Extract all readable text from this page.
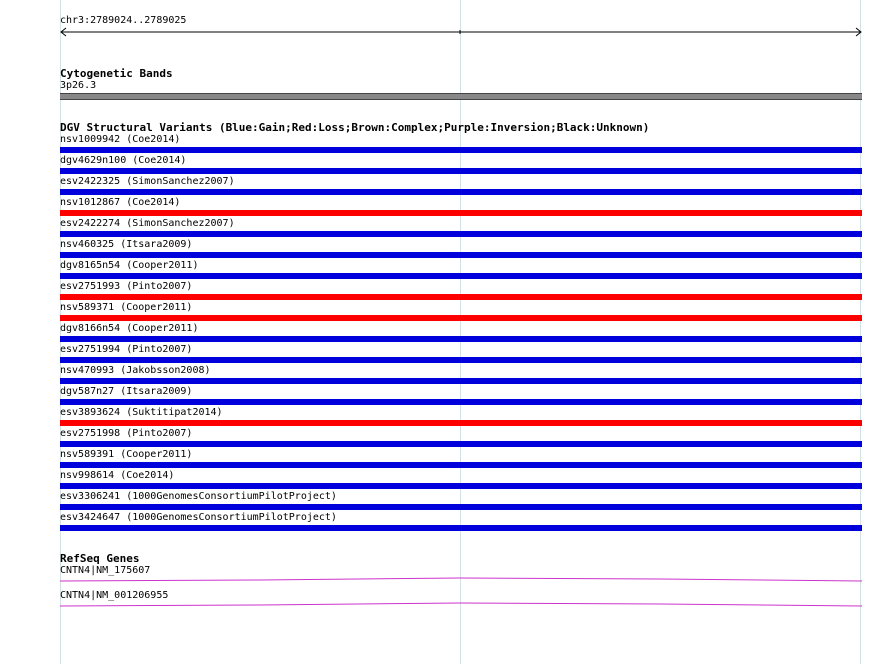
chr3:2789024..2789025
Cytogenetic Bands
3p26.3
DGV Structural Variants (Blue:Gain;Red:Loss;Brown:Complex;Purple:Inversion;Black:Unknown)
nsv1009942 (Coe2014)
dgv4629n100 (Coe2014)
esv2422325 (SimonSanchez2007)
nsv1012867 (Coe2014)
esv2422274 (SimonSanchez2007)
nsv460325 (Itsara2009)
dgv8165n54 (Cooper2011)
esv2751993 (Pinto2007)
nsv589371 (Cooper2011)
dgv8166n54 (Cooper2011)
esv2751994 (Pinto2007)
nsv470993 (Jakobsson2008)
dgv587n27 (Itsara2009)
esv3893624 (Suktitipat2014)
esv2751998 (Pinto2007)
nsv589391 (Cooper2011)
nsv998614 (Coe2014)
esv3306241 (1000GenomesConsortiumPilotProject)
esv3424647 (1000GenomesConsortiumPilotProject)
RefSeq Genes
CNTN4|NM_175607
CNTN4|NM_001206955
